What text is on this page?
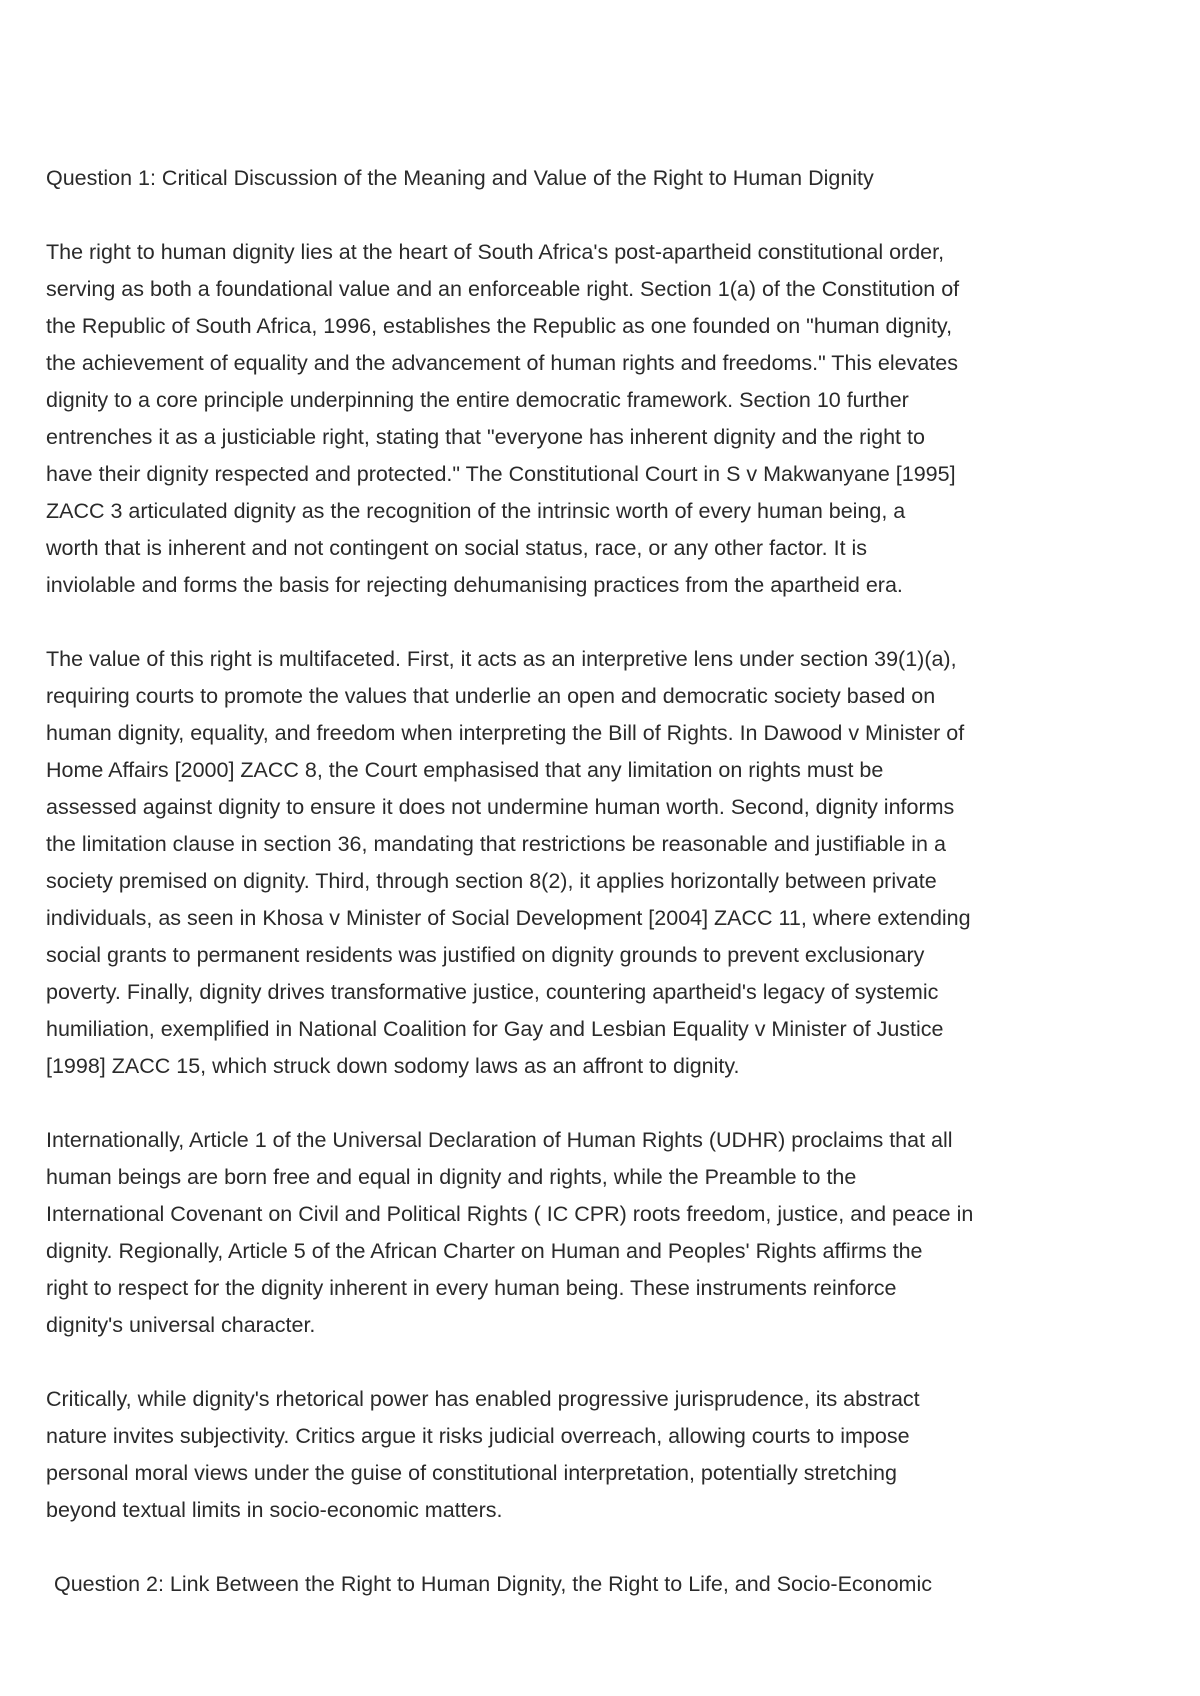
Question 1: Critical Discussion of the Meaning and Value of the Right to Human Dignity

The right to human dignity lies at the heart of South Africa's post-apartheid constitutional order,
serving as both a foundational value and an enforceable right. Section 1(a) of the Constitution of
the Republic of South Africa, 1996, establishes the Republic as one founded on "human dignity,
the achievement of equality and the advancement of human rights and freedoms." This elevates
dignity to a core principle underpinning the entire democratic framework. Section 10 further
entrenches it as a justiciable right, stating that "everyone has inherent dignity and the right to
have their dignity respected and protected." The Constitutional Court in S v Makwanyane [1995]
ZACC 3 articulated dignity as the recognition of the intrinsic worth of every human being, a
worth that is inherent and not contingent on social status, race, or any other factor. It is
inviolable and forms the basis for rejecting dehumanising practices from the apartheid era.

The value of this right is multifaceted. First, it acts as an interpretive lens under section 39(1)(a),
requiring courts to promote the values that underlie an open and democratic society based on
human dignity, equality, and freedom when interpreting the Bill of Rights. In Dawood v Minister of
Home Affairs [2000] ZACC 8, the Court emphasised that any limitation on rights must be
assessed against dignity to ensure it does not undermine human worth. Second, dignity informs
the limitation clause in section 36, mandating that restrictions be reasonable and justifiable in a
society premised on dignity. Third, through section 8(2), it applies horizontally between private
individuals, as seen in Khosa v Minister of Social Development [2004] ZACC 11, where extending
social grants to permanent residents was justified on dignity grounds to prevent exclusionary
poverty. Finally, dignity drives transformative justice, countering apartheid's legacy of systemic
humiliation, exemplified in National Coalition for Gay and Lesbian Equality v Minister of Justice
[1998] ZACC 15, which struck down sodomy laws as an affront to dignity.

Internationally, Article 1 of the Universal Declaration of Human Rights (UDHR) proclaims that all
human beings are born free and equal in dignity and rights, while the Preamble to the
International Covenant on Civil and Political Rights ( IC CPR) roots freedom, justice, and peace in
dignity. Regionally, Article 5 of the African Charter on Human and Peoples' Rights affirms the
right to respect for the dignity inherent in every human being. These instruments reinforce
dignity's universal character.

Critically, while dignity's rhetorical power has enabled progressive jurisprudence, its abstract
nature invites subjectivity. Critics argue it risks judicial overreach, allowing courts to impose
personal moral views under the guise of constitutional interpretation, potentially stretching
beyond textual limits in socio-economic matters.

Question 2: Link Between the Right to Human Dignity, the Right to Life, and Socio-Economic
